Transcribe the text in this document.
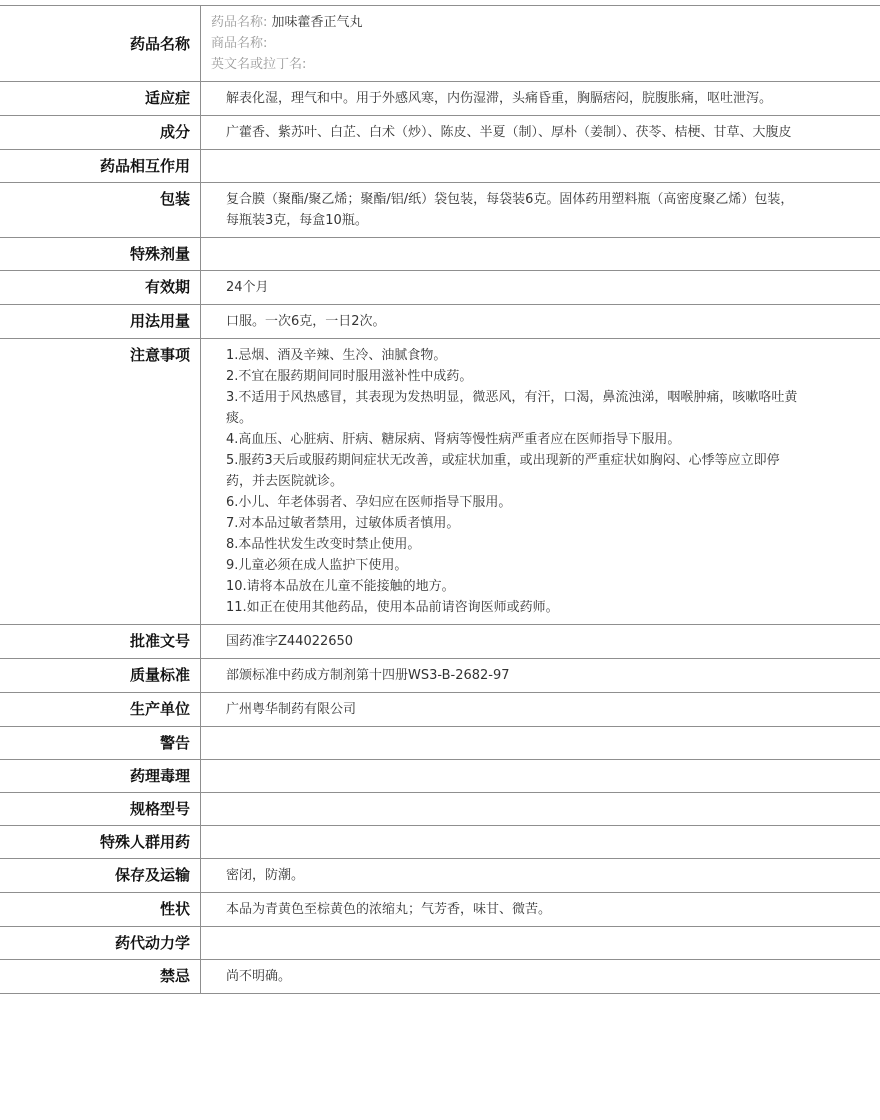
药品名称
药品名称: 加味藿香正气丸
商品名称:
英文名或拉丁名:
适应症	解表化湿，理气和中。用于外感风寒，内伤湿滞，头痛昏重，胸膈痞闷，脘腹胀痛，呕吐泄泻。
成分	广藿香、紫苏叶、白芷、白术（炒）、陈皮、半夏（制）、厚朴（姜制）、茯苓、桔梗、甘草、大腹皮
药品相互作用
包装	复合膜（聚酯/聚乙烯；聚酯/铝/纸）袋包装，每袋装6克。固体药用塑料瓶（高密度聚乙烯）包装，每瓶装3克，每盒10瓶。
特殊剂量
有效期	24个月
用法用量	口服。一次6克，一日2次。
注意事项	1.忌烟、酒及辛辣、生冷、油腻食物。
2.不宜在服药期间同时服用滋补性中成药。
3.不适用于风热感冒，其表现为发热明显，微恶风，有汗，口渴，鼻流浊涕，咽喉肿痛，咳嗽咯吐黄痰。
4.高血压、心脏病、肝病、糖尿病、肾病等慢性病严重者应在医师指导下服用。
5.服药3天后或服药期间症状无改善，或症状加重，或出现新的严重症状如胸闷、心悸等应立即停药，并去医院就诊。
6.小儿、年老体弱者、孕妇应在医师指导下服用。
7.对本品过敏者禁用，过敏体质者慎用。
8.本品性状发生改变时禁止使用。
9.儿童必须在成人监护下使用。
10.请将本品放在儿童不能接触的地方。
11.如正在使用其他药品，使用本品前请咨询医师或药师。
批准文号	国药准字Z44022650
质量标准	部颁标准中药成方制剂第十四册WS3-B-2682-97
生产单位	广州粤华制药有限公司
警告
药理毒理
规格型号
特殊人群用药
保存及运输	密闭，防潮。
性状	本品为青黄色至棕黄色的浓缩丸；气芳香，味甘、微苦。
药代动力学
禁忌	尚不明确。
